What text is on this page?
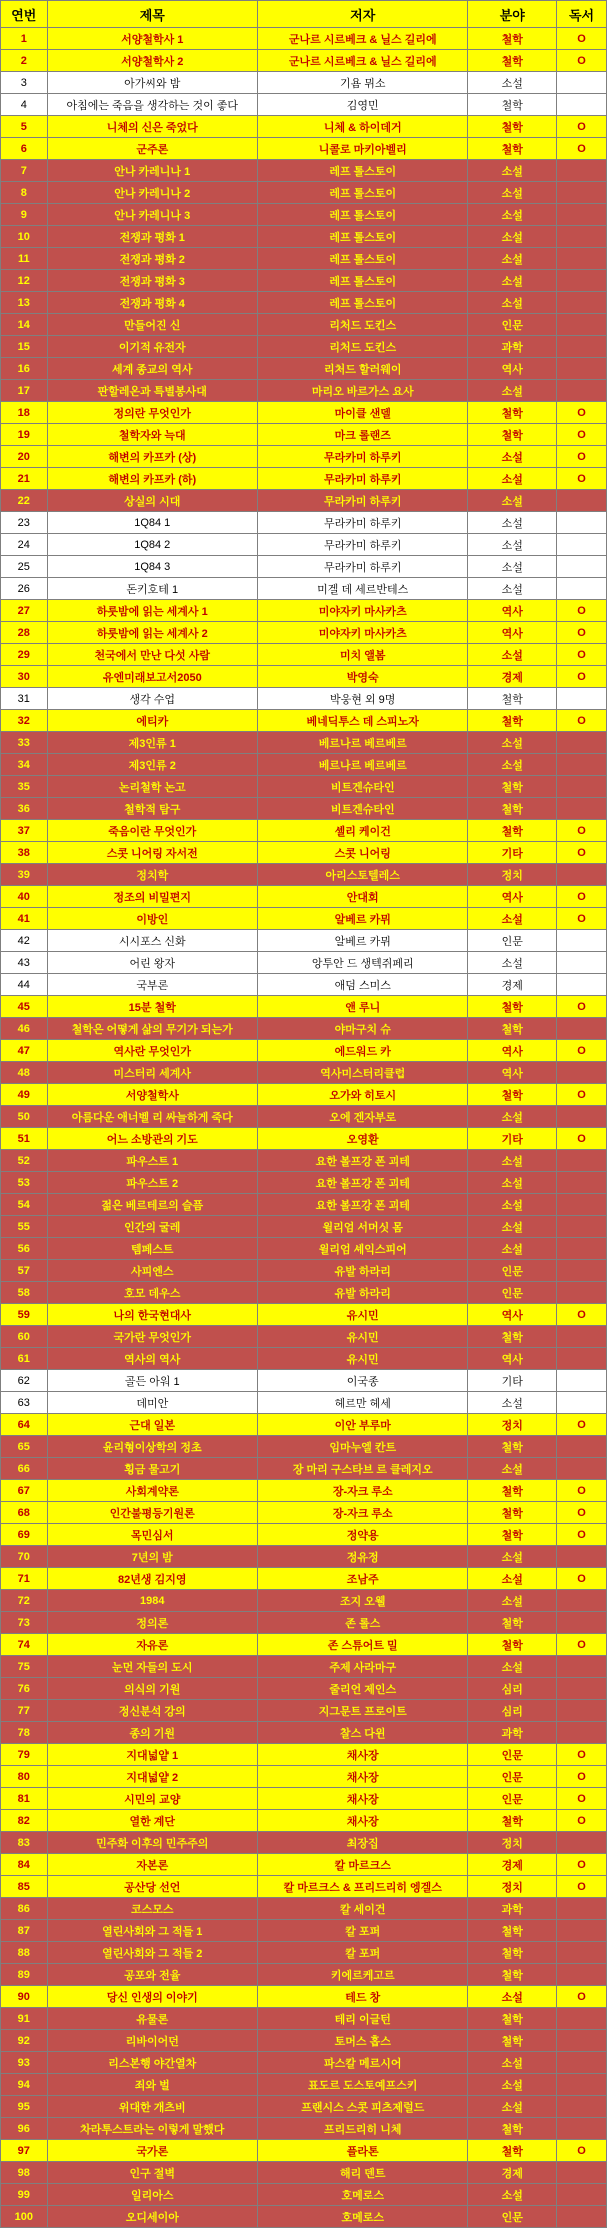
연번	제목	저자	분야	독서
1	서양철학사 1	군나르 시르베크 & 닐스 길리에	철학	O
2	서양철학사 2	군나르 시르베크 & 닐스 길리에	철학	O
3	아가씨와 밤	기욤 뮈소	소설	
4	아침에는 죽음을 생각하는 것이 좋다	김영민	철학	
5	니체의 신은 죽었다	니체 & 하이데거	철학	O
6	군주론	니콜로 마키아벨리	철학	O
7	안나 카레니나 1	레프 톨스토이	소설	
8	안나 카레니나 2	레프 톨스토이	소설	
9	안나 카레니나 3	레프 톨스토이	소설	
10	전쟁과 평화 1	레프 톨스토이	소설	
11	전쟁과 평화 2	레프 톨스토이	소설	
12	전쟁과 평화 3	레프 톨스토이	소설	
13	전쟁과 평화 4	레프 톨스토이	소설	
14	만들어진 신	리처드 도킨스	인문	
15	이기적 유전자	리처드 도킨스	과학	
16	세계 종교의 역사	리처드 할러웨이	역사	
17	판할레온과 특별봉사대	마리오 바르가스 요사	소설	
18	정의란 무엇인가	마이클 샌델	철학	O
19	철학자와 늑대	마크 롤랜즈	철학	O
20	해변의 카프카 (상)	무라카미 하루키	소설	O
21	해변의 카프카 (하)	무라카미 하루키	소설	O
22	상실의 시대	무라카미 하루키	소설	
23	1Q84 1	무라카미 하루키	소설	
24	1Q84 2	무라카미 하루키	소설	
25	1Q84 3	무라카미 하루키	소설	
26	돈키호테 1	미겔 데 세르반테스	소설	
27	하룻밤에 읽는 세계사 1	미야자키 마사카츠	역사	O
28	하룻밤에 읽는 세계사 2	미야자키 마사카츠	역사	O
29	천국에서 만난 다섯 사람	미치 앨봄	소설	O
30	유엔미래보고서2050	박영숙	경제	O
31	생각 수업	박웅현 외 9명	철학	
32	에티카	베네딕투스 데 스피노자	철학	O
33	제3인류 1	베르나르 베르베르	소설	
34	제3인류 2	베르나르 베르베르	소설	
35	논리철학 논고	비트겐슈타인	철학	
36	철학적 탐구	비트겐슈타인	철학	
37	죽음이란 무엇인가	셸리 케이건	철학	O
38	스콧 니어링 자서전	스콧 니어링	기타	O
39	정치학	아리스토텔레스	정치	
40	정조의 비밀편지	안대회	역사	O
41	이방인	알베르 카뮈	소설	O
42	시시포스 신화	알베르 카뮈	인문	
43	어린 왕자	앙투안 드 생텍쥐페리	소설	
44	국부론	애덤 스미스	경제	
45	15분 철학	앤 루니	철학	O
46	철학은 어떻게 삶의 무기가 되는가	야마구치 슈	철학	
47	역사란 무엇인가	에드워드 카	역사	O
48	미스터리 세계사	역사미스터리클럽	역사	
49	서양철학사	오가와 히토시	철학	O
50	아름다운 애너벨 리 싸늘하게 죽다	오에 겐자부로	소설	
51	어느 소방관의 기도	오영환	기타	O
52	파우스트 1	요한 볼프강 폰 괴테	소설	
53	파우스트 2	요한 볼프강 폰 괴테	소설	
54	젊은 베르테르의 슬픔	요한 볼프강 폰 괴테	소설	
55	인간의 굴레	윌리엄 서머싯 몸	소설	
56	템페스트	윌리엄 셰익스피어	소설	
57	사피엔스	유발 하라리	인문	
58	호모 데우스	유발 하라리	인문	
59	나의 한국현대사	유시민	역사	O
60	국가란 무엇인가	유시민	철학	
61	역사의 역사	유시민	역사	
62	골든 아워 1	이국종	기타	
63	데미안	헤르만 헤세	소설	
64	근대 일본	이안 부루마	정치	O
65	윤리형이상학의 정초	임마누엘 칸트	철학	
66	횡금 물고기	장 마리 구스타브 르 클레지오	소설	
67	사회계약론	장-자크 루소	철학	O
68	인간불평등기원론	장-자크 루소	철학	O
69	목민심서	정약용	철학	O
70	7년의 밤	정유정	소설	
71	82년생 김지영	조남주	소설	O
72	1984	조지 오웰	소설	
73	정의론	존 롤스	철학	
74	자유론	존 스튜어트 밀	철학	O
75	눈먼 자들의 도시	주제 사라마구	소설	
76	의식의 기원	줄리언 제인스	심리	
77	정신분석 강의	지그문트 프로이트	심리	
78	종의 기원	찰스 다윈	과학	
79	지대넓얕 1	채사장	인문	O
80	지대넓얕 2	채사장	인문	O
81	시민의 교양	채사장	인문	O
82	열한 계단	채사장	철학	O
83	민주화 이후의 민주주의	최장집	정치	
84	자본론	칼 마르크스	경제	O
85	공산당 선언	칼 마르크스 & 프리드리히 엥겔스	정치	O
86	코스모스	칼 세이건	과학	
87	열린사회와 그 적들 1	칼 포퍼	철학	
88	열린사회와 그 적들 2	칼 포퍼	철학	
89	공포와 전율	키에르케고르	철학	
90	당신 인생의 이야기	테드 창	소설	O
91	유물론	테리 이글턴	철학	
92	리바이어던	토머스 홉스	철학	
93	리스본행 야간열차	파스칼 메르시어	소설	
94	죄와 벌	표도르 도스토예프스키	소설	
95	위대한 개츠비	프랜시스 스콧 피츠제럴드	소설	
96	차라투스트라는 이렇게 말했다	프리드리히 니체	철학	
97	국가론	플라톤	철학	O
98	인구 절벽	해리 덴트	경제	
99	일리아스	호메로스	소설	
100	오디세이아	호메로스	인문	
